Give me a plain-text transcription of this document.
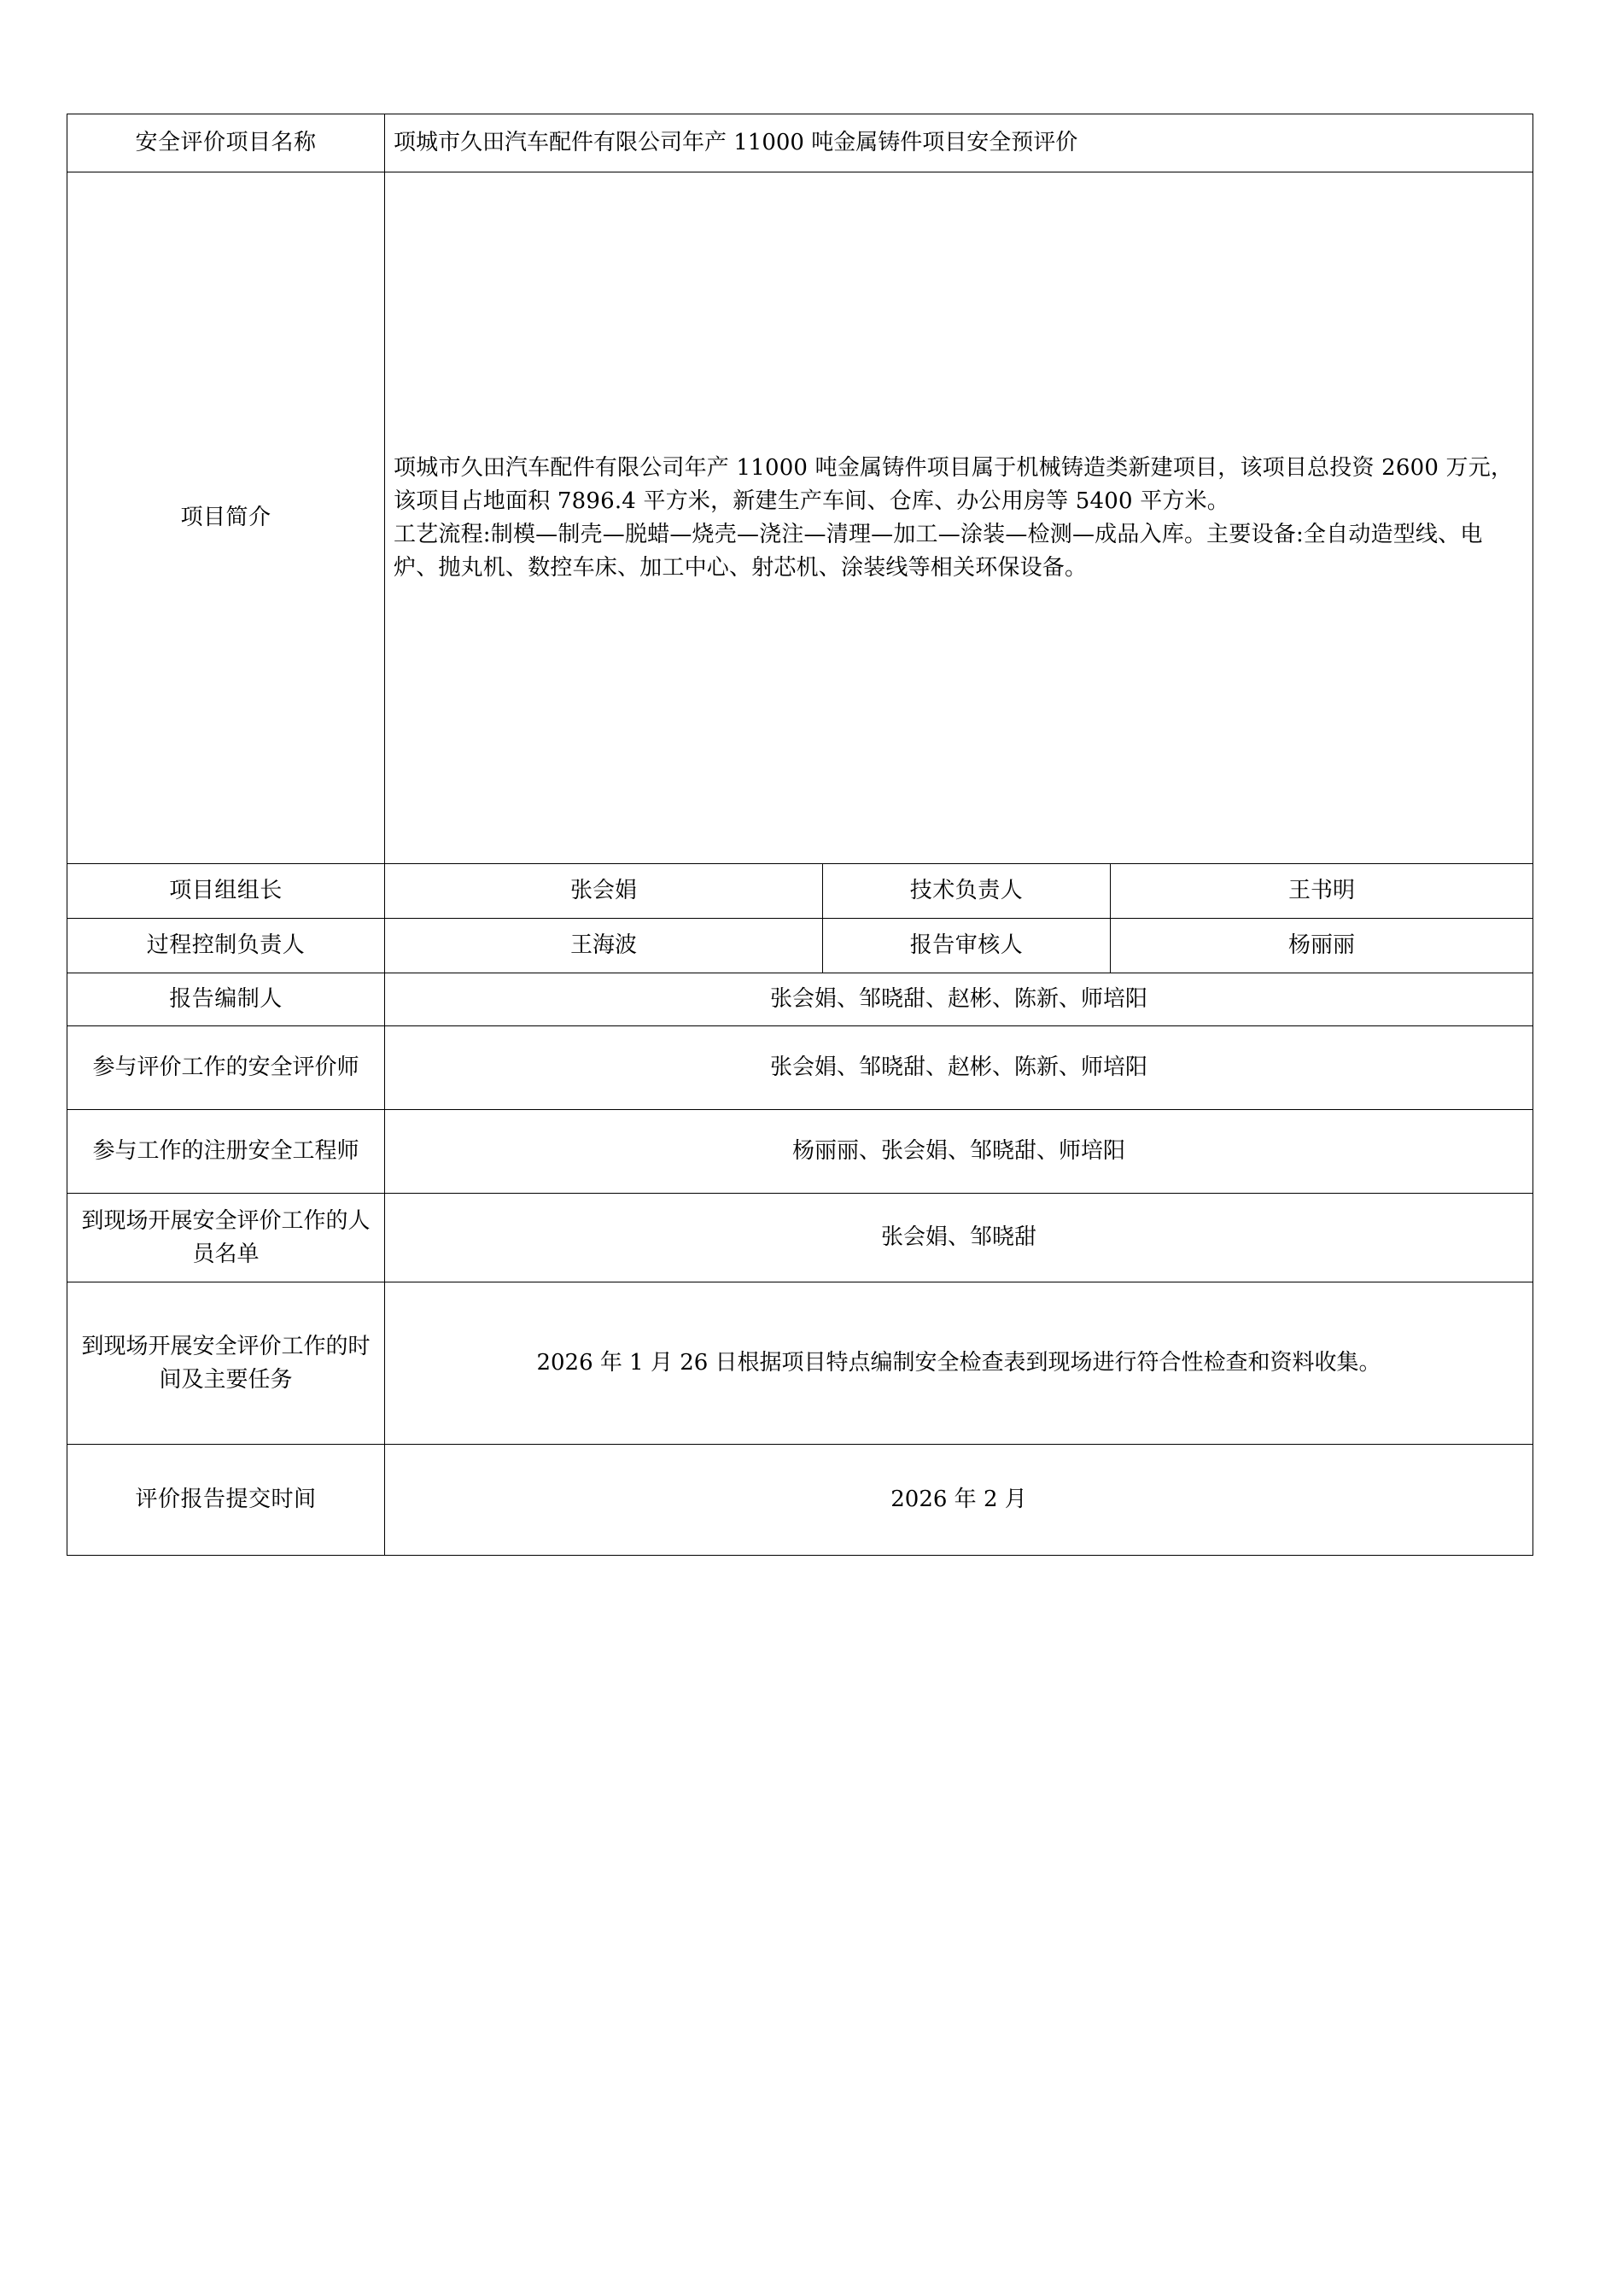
安全评价项目名称	项城市久田汽车配件有限公司年产 11000 吨金属铸件项目安全预评价		
项目简介	项城市久田汽车配件有限公司年产 11000 吨金属铸件项目属于机械铸造类新建项目，该项目总投资 2600 万元，该项目占地面积 7896.4 平方米，新建生产车间、仓库、办公用房等 5400 平方米。

工艺流程:制模—制壳—脱蜡—烧壳—浇注—清理—加工—涂装—检测—成品入库。主要设备:全自动造型线、电炉、抛丸机、数控车床、加工中心、射芯机、涂装线等相关环保设备。		

项目组组长	张会娟	技术负责人	王书明
过程控制负责人	王海波	报告审核人	杨丽丽
报告编制人	张会娟、邹晓甜、赵彬、陈新、师培阳		
参与评价工作的安全评价师	张会娟、邹晓甜、赵彬、陈新、师培阳		
参与工作的注册安全工程师	杨丽丽、张会娟、邹晓甜、师培阳		
到现场开展安全评价工作的人员名单	张会娟、邹晓甜		
到现场开展安全评价工作的时间及主要任务	2026 年 1 月 26 日根据项目特点编制安全检查表到现场进行符合性检查和资料收集。		
评价报告提交时间	2026 年 2 月		
